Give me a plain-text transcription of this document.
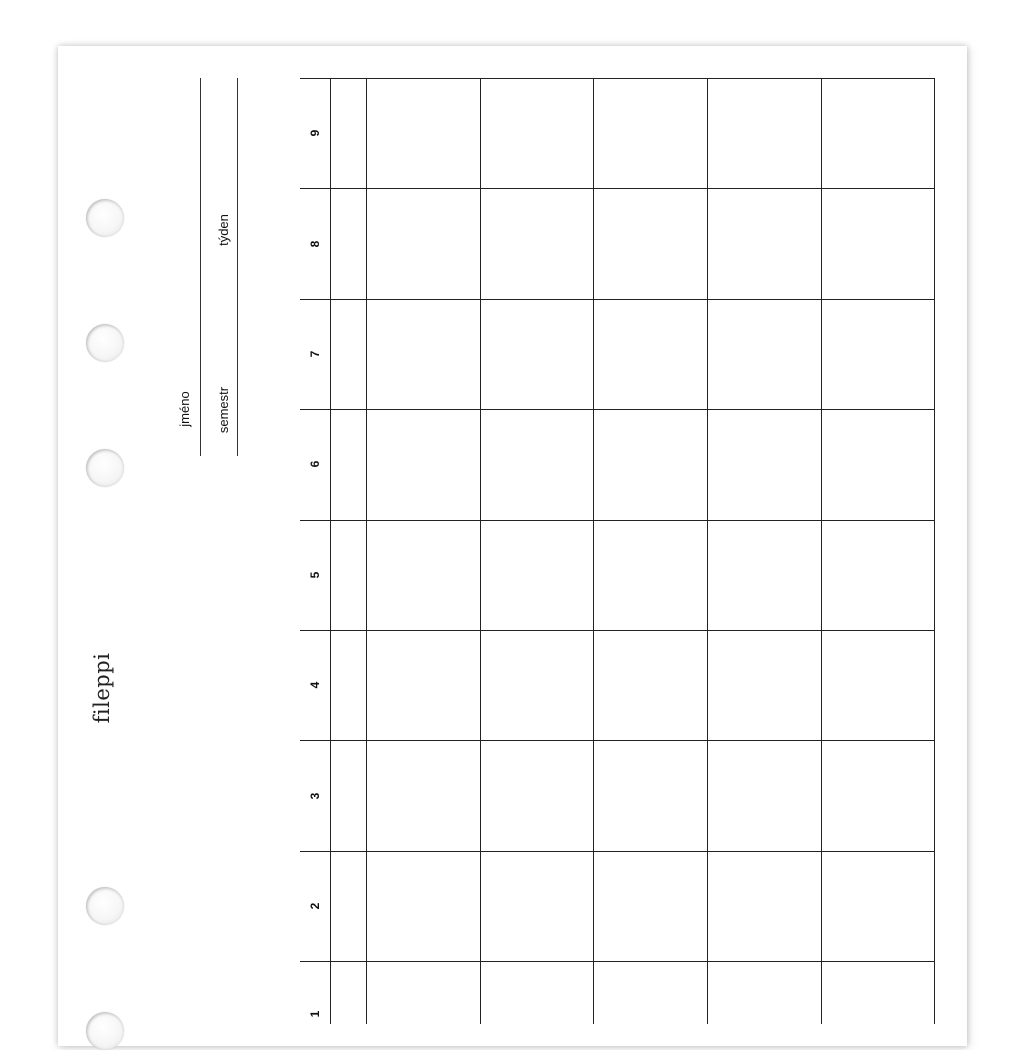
fileppi
jméno semestr
týden
9
8
7
6
5
4
3
2
1
